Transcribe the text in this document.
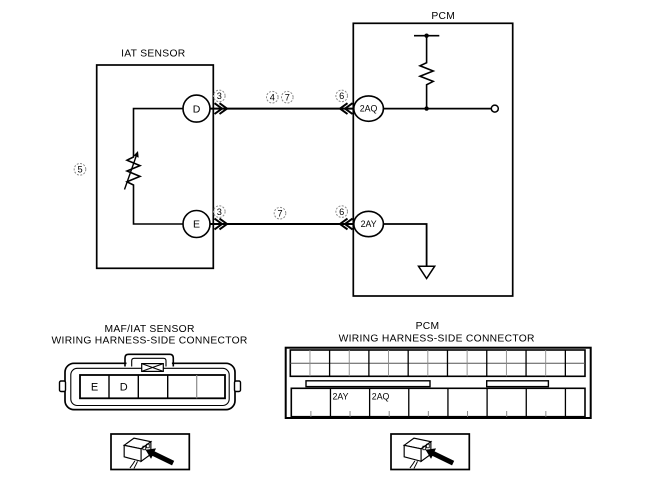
IAT SENSOR
D
E
5
PCM
2AQ
2AY
3	4 7	6
3	7	6
MAF/IAT SENSOR
WIRING HARNESS-SIDE CONNECTOR
E D
PCM
WIRING HARNESS-SIDE CONNECTOR
2AY	2AQ
